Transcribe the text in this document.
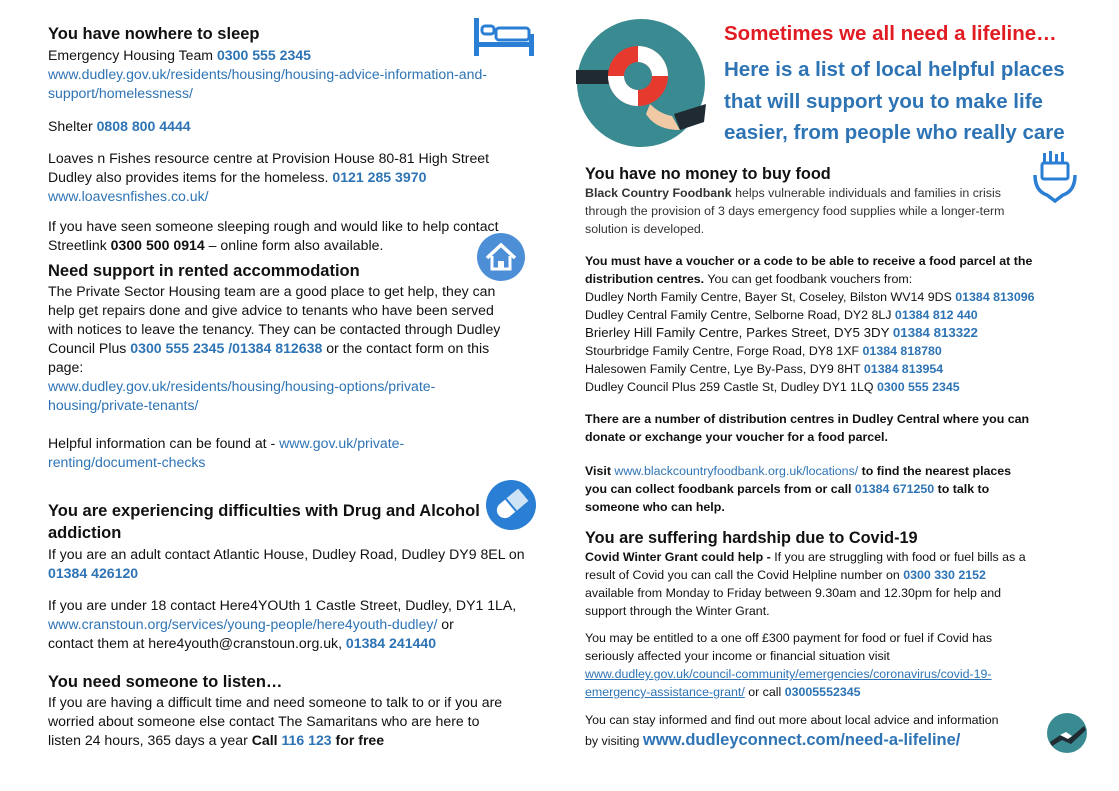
You have nowhere to sleep
Emergency Housing Team 0300 555 2345
www.dudley.gov.uk/residents/housing/housing-advice-information-and-
support/homelessness/
Shelter 0808 800 4444
Loaves n Fishes resource centre at Provision House 80-81 High Street
Dudley also provides items for the homeless. 0121 285 3970
www.loavesnfishes.co.uk/
If you have seen someone sleeping rough and would like to help contact
Streetlink 0300 500 0914 – online form also available.
Need support in rented accommodation
The Private Sector Housing team are a good place to get help, they can
help get repairs done and give advice to tenants who have been served
with notices to leave the tenancy. They can be contacted through Dudley
Council Plus 0300 555 2345 /01384 812638 or the contact form on this
page:
www.dudley.gov.uk/residents/housing/housing-options/private-
housing/private-tenants/
Helpful information can be found at - www.gov.uk/private-
renting/document-checks
You are experiencing difficulties with Drug and Alcohol
addiction
If you are an adult contact Atlantic House, Dudley Road, Dudley DY9 8EL on
01384 426120
If you are under 18 contact Here4YOUth 1 Castle Street, Dudley, DY1 1LA,
www.cranstoun.org/services/young-people/here4youth-dudley/ or
contact them at here4youth@cranstoun.org.uk, 01384 241440
You need someone to listen…
If you are having a difficult time and need someone to talk to or if you are
worried about someone else contact The Samaritans who are here to
listen 24 hours, 365 days a year Call 116 123 for free
Sometimes we all need a lifeline…
Here is a list of local helpful places that will support you to make life easier, from people who really care
You have no money to buy food
Black Country Foodbank helps vulnerable individuals and families in crisis
through the provision of 3 days emergency food supplies while a longer-term
solution is developed.
You must have a voucher or a code to be able to receive a food parcel at the
distribution centres. You can get foodbank vouchers from:
Dudley North Family Centre, Bayer St, Coseley, Bilston WV14 9DS 01384 813096
Dudley Central Family Centre, Selborne Road, DY2 8LJ 01384 812 440
Brierley Hill Family Centre, Parkes Street, DY5 3DY 01384 813322
Stourbridge Family Centre, Forge Road, DY8 1XF 01384 818780
Halesowen Family Centre, Lye By-Pass, DY9 8HT 01384 813954
Dudley Council Plus 259 Castle St, Dudley DY1 1LQ 0300 555 2345
There are a number of distribution centres in Dudley Central where you can
donate or exchange your voucher for a food parcel.
Visit www.blackcountryfoodbank.org.uk/locations/ to find the nearest places
you can collect foodbank parcels from or call 01384 671250 to talk to
someone who can help.
You are suffering hardship due to Covid-19
Covid Winter Grant could help - If you are struggling with food or fuel bills as a
result of Covid you can call the Covid Helpline number on 0300 330 2152
available from Monday to Friday between 9.30am and 12.30pm for help and
support through the Winter Grant.
You may be entitled to a one off £300 payment for food or fuel if Covid has
seriously affected your income or financial situation visit
www.dudley.gov.uk/council-community/emergencies/coronavirus/covid-19-
emergency-assistance-grant/ or call 03005552345
You can stay informed and find out more about local advice and information
by visiting www.dudleyconnect.com/need-a-lifeline/
